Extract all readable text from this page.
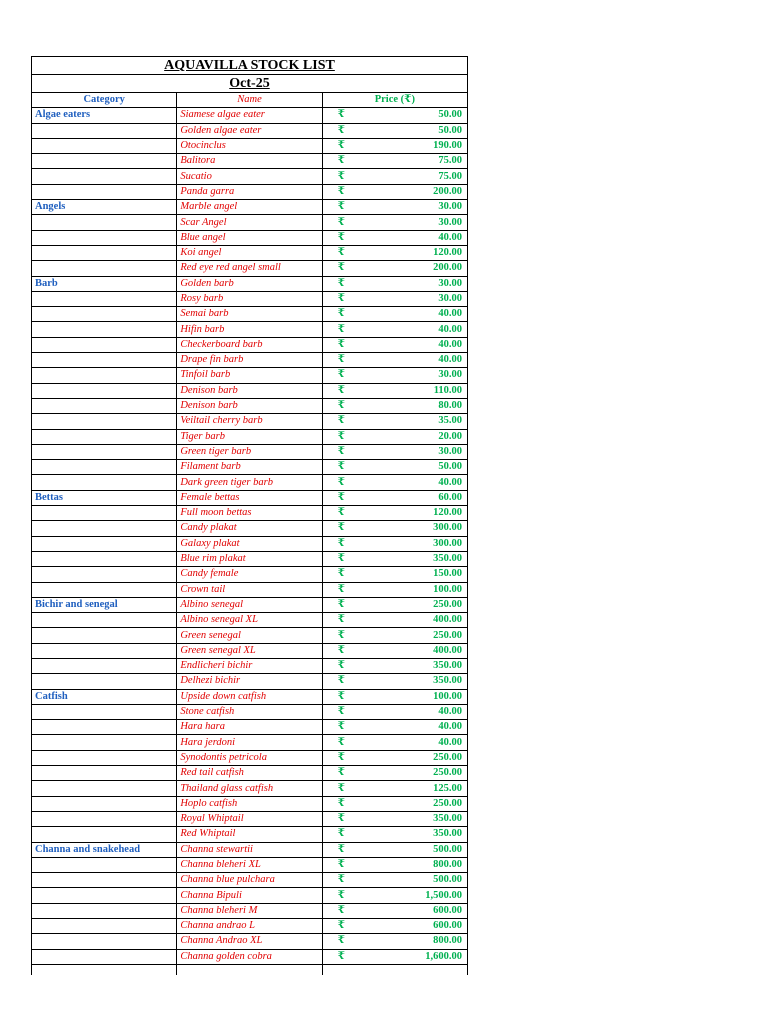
AQUAVILLA STOCK LIST		
Oct-25		
Category	Name	Price (₹)
Algae eaters	Siamese algae eater	₹ 50.00

	Golden algae eater	₹ 50.00

	Otocinclus	₹ 190.00

	Balitora	₹ 75.00

	Sucatio	₹ 75.00

	Panda garra	₹ 200.00

Angels	Marble angel	₹ 30.00

	Scar Angel	₹ 30.00

	Blue angel	₹ 40.00

	Koi angel	₹ 120.00

	Red eye red angel small	₹ 200.00

Barb	Golden barb	₹ 30.00

	Rosy barb	₹ 30.00

	Semai barb	₹ 40.00

	Hifin barb	₹ 40.00

	Checkerboard barb	₹ 40.00

	Drape fin barb	₹ 40.00

	Tinfoil barb	₹ 30.00

	Denison barb	₹ 110.00

	Denison barb	₹ 80.00

	Veiltail cherry barb	₹ 35.00

	Tiger barb	₹ 20.00

	Green tiger barb	₹ 30.00

	Filament barb	₹ 50.00

	Dark green tiger barb	₹ 40.00

Bettas	Female bettas	₹ 60.00

	Full moon bettas	₹ 120.00

	Candy plakat	₹ 300.00

	Galaxy plakat	₹ 300.00

	Blue rim plakat	₹ 350.00

	Candy female	₹ 150.00

	Crown tail	₹ 100.00

Bichir and senegal	Albino senegal	₹ 250.00

	Albino senegal XL	₹ 400.00

	Green senegal	₹ 250.00

	Green senegal XL	₹ 400.00

	Endlicheri bichir	₹ 350.00

	Delhezi bichir	₹ 350.00

Catfish	Upside down catfish	₹ 100.00

	Stone catfish	₹ 40.00

	Hara hara	₹ 40.00

	Hara jerdoni	₹ 40.00

	Synodontis petricola	₹ 250.00

	Red tail catfish	₹ 250.00

	Thailand glass catfish	₹ 125.00

	Hoplo catfish	₹ 250.00

	Royal Whiptail	₹ 350.00

	Red Whiptail	₹ 350.00

Channa and snakehead	Channa stewartii	₹ 500.00

	Channa bleheri XL	₹ 800.00

	Channa blue pulchara	₹ 500.00

	Channa Bipuli	₹ 1,500.00

	Channa bleheri M	₹ 600.00

	Channa andrao L	₹ 600.00

	Channa Andrao XL	₹ 800.00

	Channa golden cobra	₹ 1,600.00
